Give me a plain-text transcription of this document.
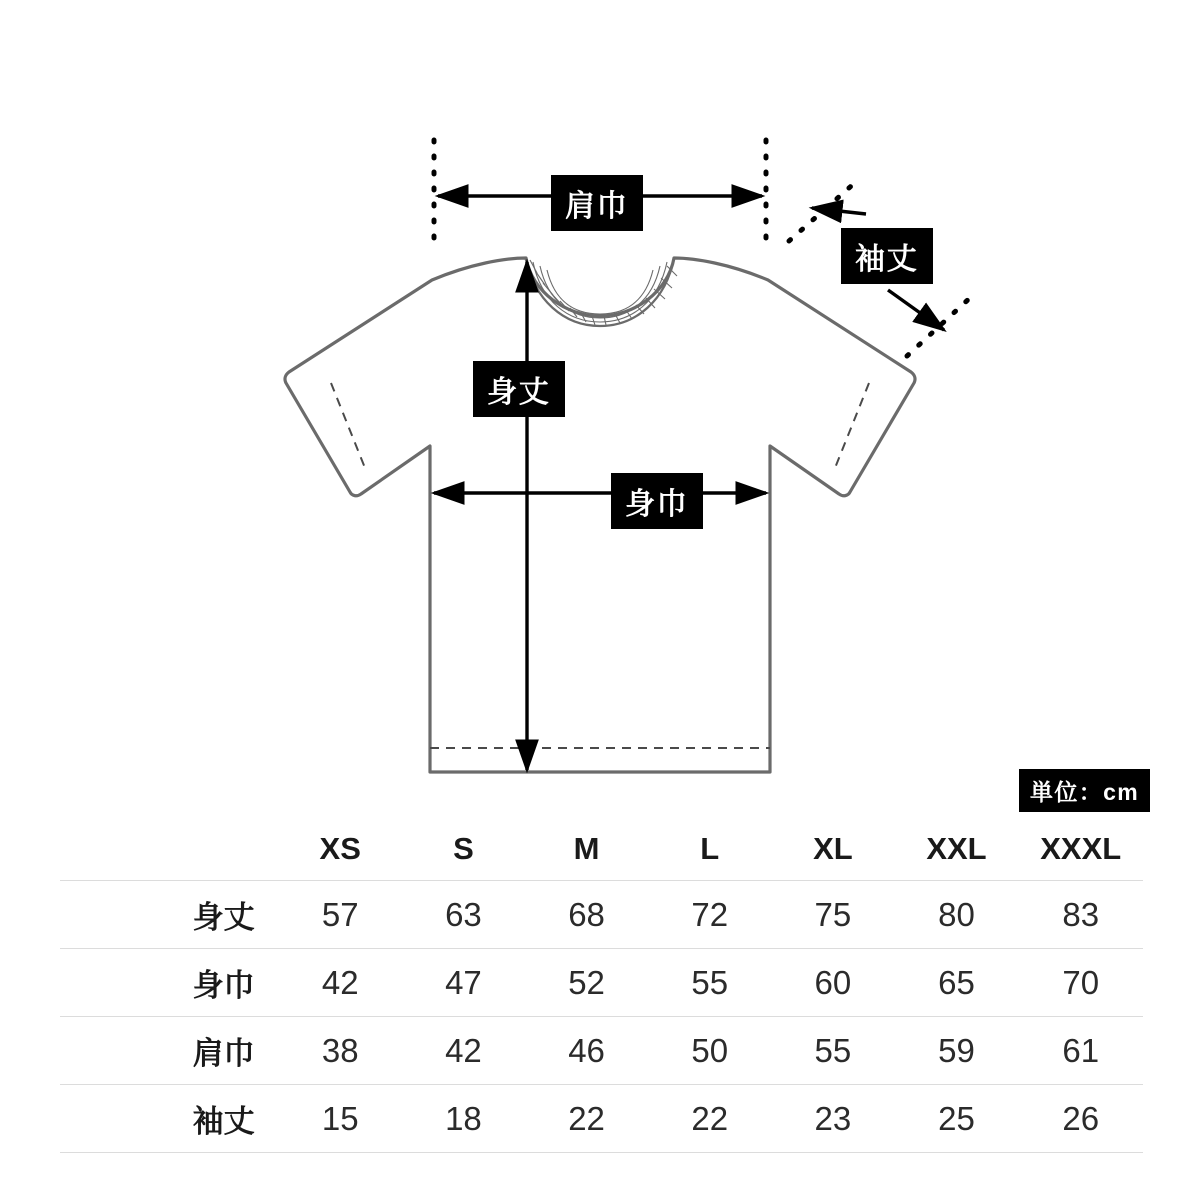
肩巾
袖丈
身丈
身巾
単位：cm
	XS	S	M	L	XL	XXL	XXXL
身丈	57	63	68	72	75	80	83
身巾	42	47	52	55	60	65	70
肩巾	38	42	46	50	55	59	61
袖丈	15	18	22	22	23	25	26
